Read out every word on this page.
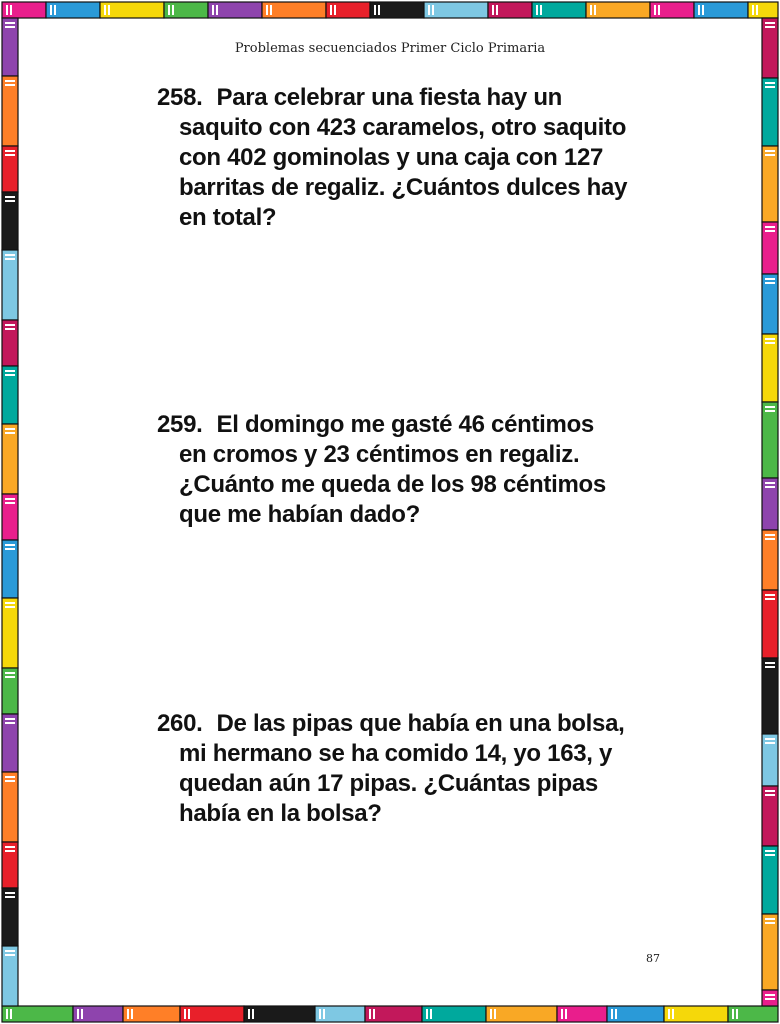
Problemas secuenciados Primer Ciclo Primaria
258. Para celebrar una fiesta hay un
saquito con 423 caramelos, otro saquito
con 402 gominolas y una caja con 127
barritas de regaliz. ¿Cuántos dulces hay
en total?
259. El domingo me gasté 46 céntimos
en cromos y 23 céntimos en regaliz.
¿Cuánto me queda de los 98 céntimos
que me habían dado?
260. De las pipas que había en una bolsa,
mi hermano se ha comido 14, yo 163, y
quedan aún 17 pipas. ¿Cuántas pipas
había en la bolsa?
87
